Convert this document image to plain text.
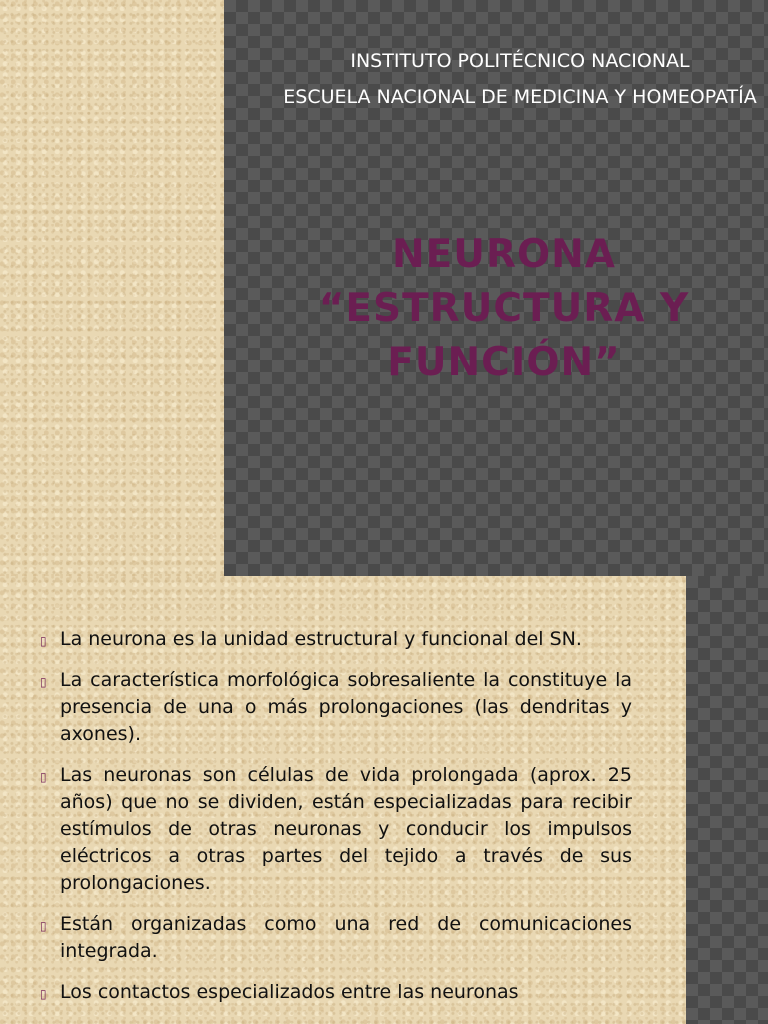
INSTITUTO POLITÉCNICO NACIONAL
ESCUELA NACIONAL DE MEDICINA Y HOMEOPATÍA
NEURONA “ESTRUCTURA Y FUNCIÓN”
▯ La neurona es la unidad estructural y funcional del SN.
▯ La característica morfológica sobresaliente la constituye la presencia de una o más prolongaciones (las dendritas y axones).
▯ Las neuronas son células de vida prolongada (aprox. 25 años) que no se dividen, están especializadas para recibir estímulos de otras neuronas y conducir los impulsos eléctricos a otras partes del tejido a través de sus prolongaciones.
▯ Están organizadas como una red de comunicaciones integrada.
▯ Los contactos especializados entre las neuronas
